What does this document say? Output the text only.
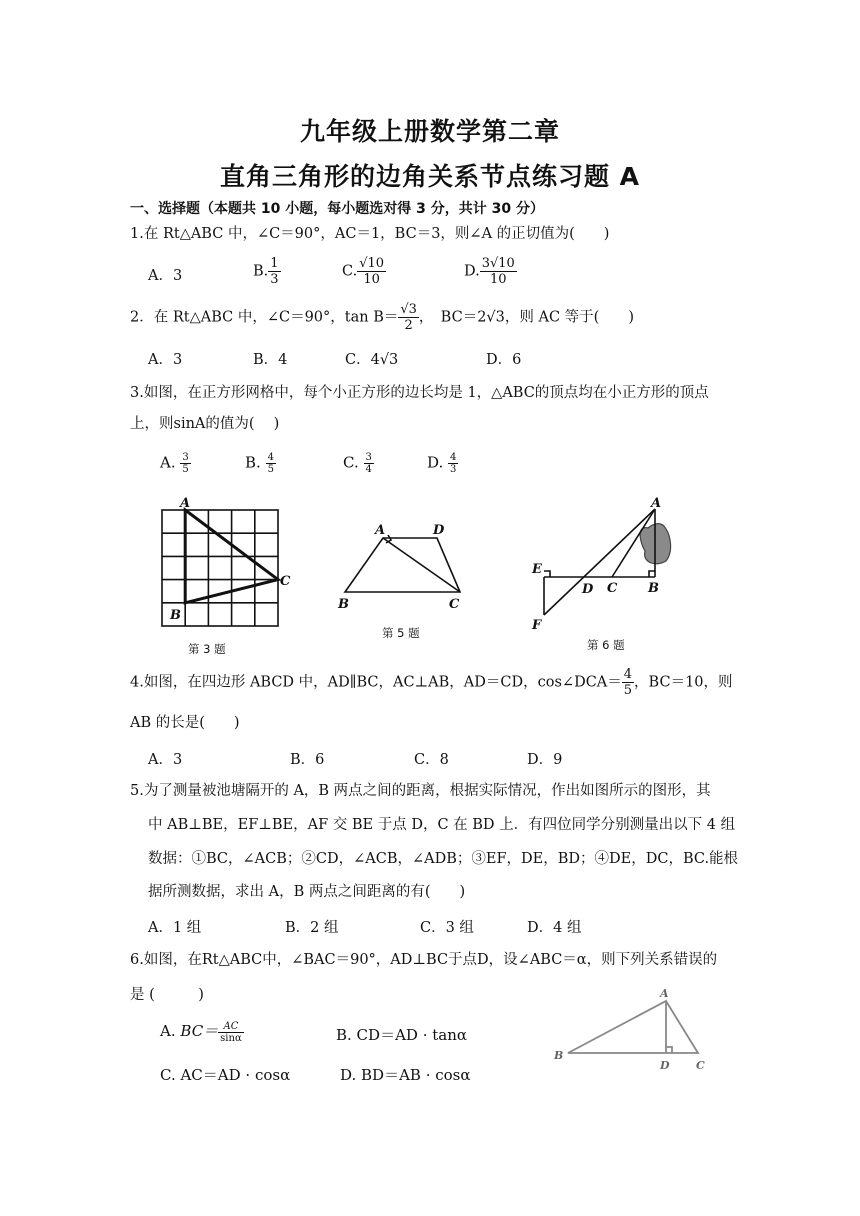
九年级上册数学第二章
直角三角形的边角关系节点练习题 A
一、选择题（本题共 10 小题，每小题选对得 3 分，共计 30 分）
1.在 Rt△ABC 中，∠C＝90°，AC＝1，BC＝3，则∠A 的正切值为(　　)
A．3	B. $\frac{1}{3}$	C. $\frac{√10}{10}$	D. $\frac{3√10}{10}$
2．在 Rt△ABC 中，∠C＝90°，$\tan B= \frac{√3}{2}$ ，　BC＝2√3，则 AC 等于(　　)
A．3	B．4	C．4√3	D．6
3.如图，在正方形网格中，每个小正方形的边长均是 1，△ABC的顶点均在小正方形的顶点
上，则sinA的值为(　 )
A. $\frac{3}{5}$	B. $\frac{4}{5}$	C. $\frac{3}{4}$	D. $\frac{4}{3}$
A
B
C
第 3 题
A	D
B	C
第 5 题
A
E
D C B
F
第 6 题
4.如图，在四边形 ABCD 中，AD∥BC，AC⊥AB，AD＝CD，cos∠DCA＝ $\frac{4}{5}$ ，BC＝10，则
AB 的长是(　　)
A．3	B．6	C．8	D．9
5.为了测量被池塘隔开的 A，B 两点之间的距离，根据实际情况，作出如图所示的图形，其
中 AB⊥BE，EF⊥BE，AF 交 BE 于点 D，C 在 BD 上．有四位同学分别测量出以下 4 组
数据：①BC，∠ACB；②CD，∠ACB，∠ADB；③EF，DE，BD；④DE，DC，BC.能根
据所测数据，求出 A，B 两点之间距离的有(　　)
A．1 组	B．2 组	C．3 组	D．4 组
6.如图，在Rt△ABC中，∠BAC＝90°，AD⊥BC于点D，设∠ABC＝α，则下列关系错误的
是 (　　　)
A. $BC= \frac{AC}{\sin\alpha}$	B. CD＝AD · tanα
C. AC＝AD · cosα	D. BD＝AB · cosα
A
B
D C
